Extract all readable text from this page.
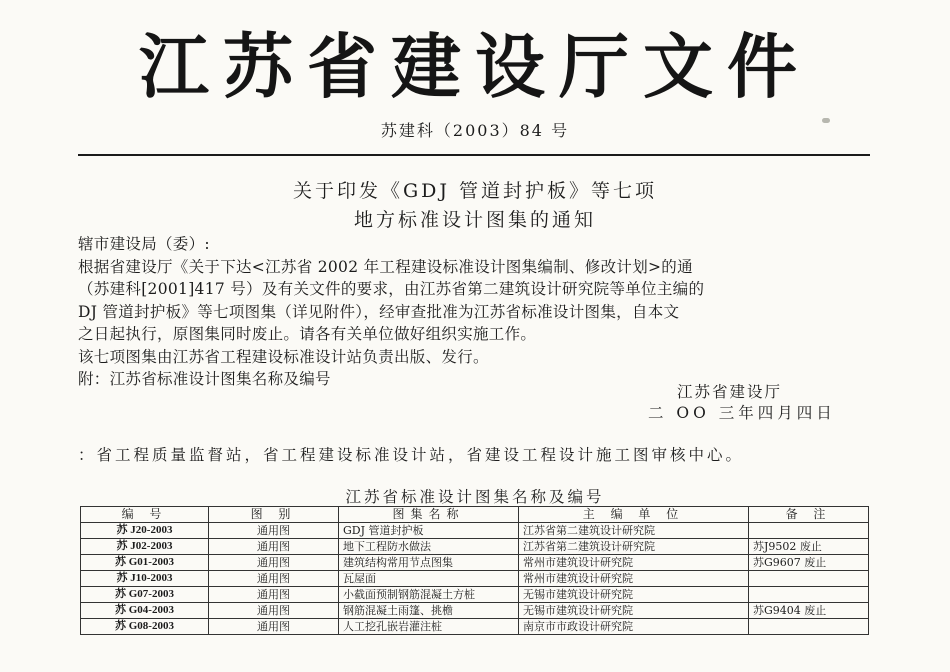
江苏省建设厅文件
苏建科（2003）84 号
关于印发《GDJ 管道封护板》等七项
地方标准设计图集的通知

辖市建设局（委）:

根据省建设厅《关于下达<江苏省 2002 年工程建设标准设计图集编制、修改计划>的通

（苏建科[2001]417 号）及有关文件的要求，由江苏省第二建筑设计研究院等单位主编的

DJ 管道封护板》等七项图集（详见附件），经审查批准为江苏省标准设计图集，自本文

之日起执行，原图集同时废止。请各有关单位做好组织实施工作。

该七项图集由江苏省工程建设标准设计站负责出版、发行。

附：江苏省标准设计图集名称及编号

江苏省建设厅
二 OO 三年四月四日
：省工程质量监督站，省工程建设标准设计站，省建设工程设计施工图审核中心。
江苏省标准设计图集名称及编号
编 号	图 别	图集名称	主 编 单 位	备 注
苏 J20-2003	通用图	GDJ 管道封护板	江苏省第二建筑设计研究院	
苏 J02-2003	通用图	地下工程防水做法	江苏省第二建筑设计研究院	苏J9502 废止
苏 G01-2003	通用图	建筑结构常用节点图集	常州市建筑设计研究院	苏G9607 废止
苏 J10-2003	通用图	瓦屋面	常州市建筑设计研究院	
苏 G07-2003	通用图	小截面预制钢筋混凝土方桩	无锡市建筑设计研究院	
苏 G04-2003	通用图	钢筋混凝土雨篷、挑檐	无锡市建筑设计研究院	苏G9404 废止
苏 G08-2003	通用图	人工挖孔嵌岩灌注桩	南京市市政设计研究院	
